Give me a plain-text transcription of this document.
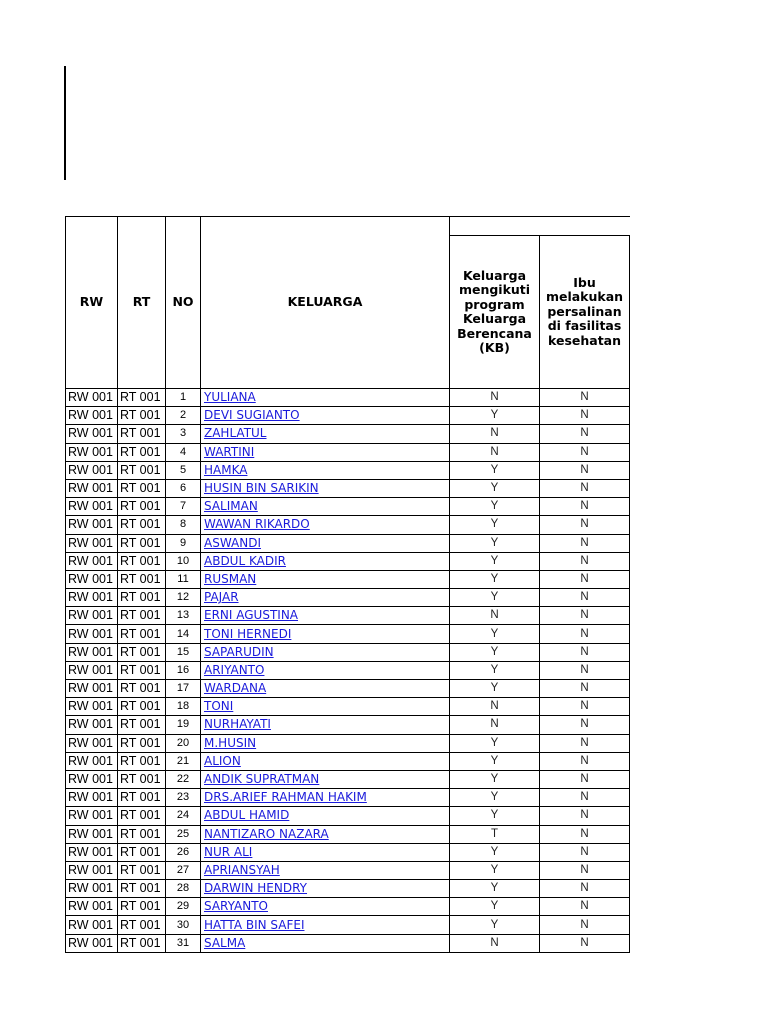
RW	RT	NO	KELUARGA		
				Keluarga mengikuti program Keluarga Berencana (KB)	Ibu melakukan persalinan di fasilitas kesehatan
RW 001	RT 001	1	YULIANA	N	N
RW 001	RT 001	2	DEVI SUGIANTO	Y	N
RW 001	RT 001	3	ZAHLATUL	N	N
RW 001	RT 001	4	WARTINI	N	N
RW 001	RT 001	5	HAMKA	Y	N
RW 001	RT 001	6	HUSIN BIN SARIKIN	Y	N
RW 001	RT 001	7	SALIMAN	Y	N
RW 001	RT 001	8	WAWAN RIKARDO	Y	N
RW 001	RT 001	9	ASWANDI	Y	N
RW 001	RT 001	10	ABDUL KADIR	Y	N
RW 001	RT 001	11	RUSMAN	Y	N
RW 001	RT 001	12	PAJAR	Y	N
RW 001	RT 001	13	ERNI AGUSTINA	N	N
RW 001	RT 001	14	TONI HERNEDI	Y	N
RW 001	RT 001	15	SAPARUDIN	Y	N
RW 001	RT 001	16	ARIYANTO	Y	N
RW 001	RT 001	17	WARDANA	Y	N
RW 001	RT 001	18	TONI	N	N
RW 001	RT 001	19	NURHAYATI	N	N
RW 001	RT 001	20	M.HUSIN	Y	N
RW 001	RT 001	21	ALION	Y	N
RW 001	RT 001	22	ANDIK SUPRATMAN	Y	N
RW 001	RT 001	23	DRS.ARIEF RAHMAN HAKIM	Y	N
RW 001	RT 001	24	ABDUL HAMID	Y	N
RW 001	RT 001	25	NANTIZARO NAZARA	T	N
RW 001	RT 001	26	NUR ALI	Y	N
RW 001	RT 001	27	APRIANSYAH	Y	N
RW 001	RT 001	28	DARWIN HENDRY	Y	N
RW 001	RT 001	29	SARYANTO	Y	N
RW 001	RT 001	30	HATTA BIN SAFEI	Y	N
RW 001	RT 001	31	SALMA	N	N
